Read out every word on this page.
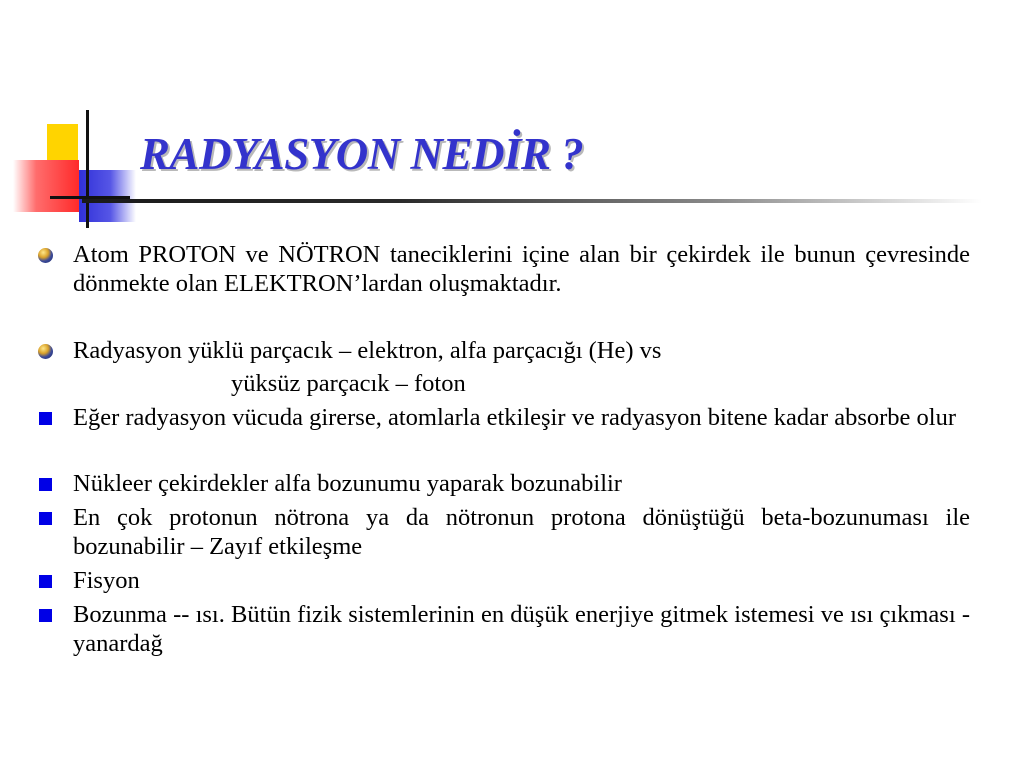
RADYASYON NEDİR ?
Atom PROTON ve NÖTRON taneciklerini içine alan bir çekirdek ile bunun çevresinde dönmekte olan ELEKTRON’lardan oluşmaktadır.
Radyasyon yüklü parçacık – elektron, alfa parçacığı (He) vs
yüksüz parçacık – foton
Eğer radyasyon vücuda girerse, atomlarla etkileşir ve radyasyon bitene kadar absorbe olur
Nükleer çekirdekler alfa bozunumu yaparak bozunabilir
En çok protonun nötrona ya da nötronun protona dönüştüğü beta-bozunuması ile bozunabilir – Zayıf etkileşme
Fisyon
Bozunma -- ısı. Bütün fizik sistemlerinin en düşük enerjiye gitmek istemesi ve ısı çıkması - yanardağ
